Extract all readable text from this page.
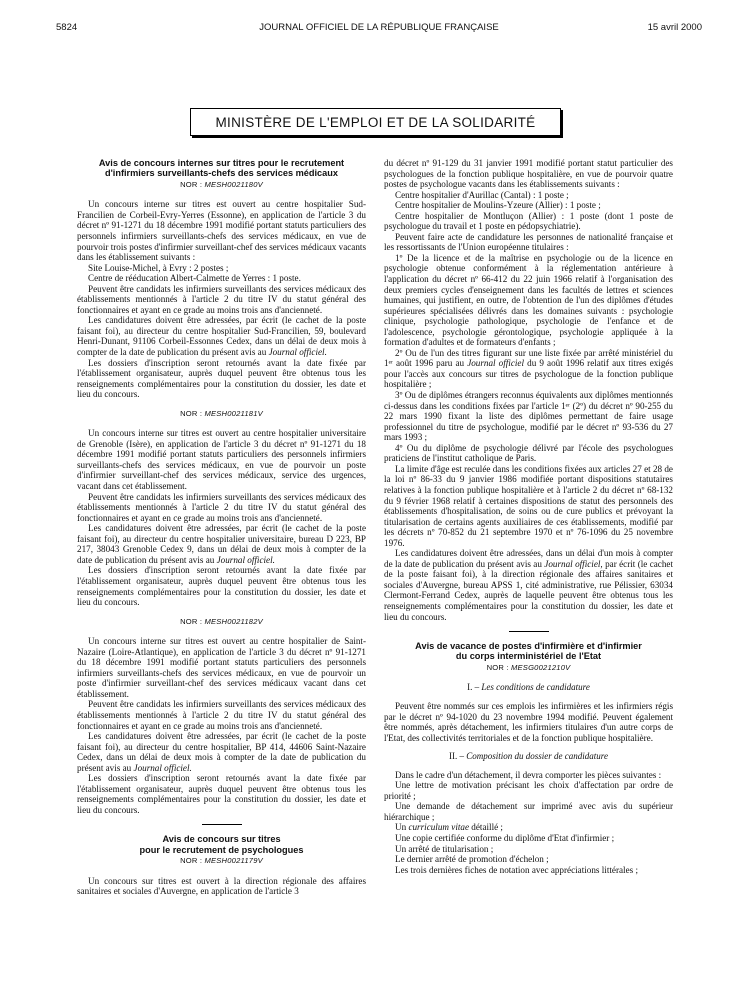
5824	JOURNAL OFFICIEL DE LA RÉPUBLIQUE FRANÇAISE	15 avril 2000
MINISTÈRE DE L'EMPLOI ET DE LA SOLIDARITÉ
Avis de concours internes sur titres pour le recrutement
d'infirmiers surveillants-chefs des services médicaux
NOR : MESH0021180V

Un concours interne sur titres est ouvert au centre hospitalier Sud-Francilien de Corbeil-Evry-Yerres (Essonne), en application de l'article 3 du décret nº 91-1271 du 18 décembre 1991 modifié portant statuts particuliers des personnels infirmiers surveillants-chefs des services médicaux, en vue de pourvoir trois postes d'infirmier surveillant-chef des services médicaux vacants dans les établissement suivants :

Site Louise-Michel, à Evry : 2 postes ;

Centre de rééducation Albert-Calmette de Yerres : 1 poste.

Peuvent être candidats les infirmiers surveillants des services médicaux des établissements mentionnés à l'article 2 du titre IV du statut général des fonctionnaires et ayant en ce grade au moins trois ans d'ancienneté.

Les candidatures doivent être adressées, par écrit (le cachet de la poste faisant foi), au directeur du centre hospitalier Sud-Francilien, 59, boulevard Henri-Dunant, 91106 Corbeil-Essonnes Cedex, dans un délai de deux mois à compter de la date de publication du présent avis au Journal officiel.

Les dossiers d'inscription seront retournés avant la date fixée par l'établissement organisateur, auprès duquel peuvent être obtenus tous les renseignements complémentaires pour la constitution du dossier, les date et lieu du concours.

NOR : MESH0021181V

Un concours interne sur titres est ouvert au centre hospitalier universitaire de Grenoble (Isère), en application de l'article 3 du décret nº 91-1271 du 18 décembre 1991 modifié portant statuts particuliers des personnels infirmiers surveillants-chefs des services médicaux, en vue de pourvoir un poste d'infirmier surveillant-chef des services médicaux, service des urgences, vacant dans cet établissement.

Peuvent être candidats les infirmiers surveillants des services médicaux des établissements mentionnés à l'article 2 du titre IV du statut général des fonctionnaires et ayant en ce grade au moins trois ans d'ancienneté.

Les candidatures doivent être adressées, par écrit (le cachet de la poste faisant foi), au directeur du centre hospitalier universitaire, bureau D 223, BP 217, 38043 Grenoble Cedex 9, dans un délai de deux mois à compter de la date de publication du présent avis au Journal officiel.

Les dossiers d'inscription seront retournés avant la date fixée par l'établissement organisateur, auprès duquel peuvent être obtenus tous les renseignements complémentaires pour la constitution du dossier, les date et lieu du concours.

NOR : MESH0021182V

Un concours interne sur titres est ouvert au centre hospitalier de Saint-Nazaire (Loire-Atlantique), en application de l'article 3 du décret nº 91-1271 du 18 décembre 1991 modifié portant statuts particuliers des personnels infirmiers surveillants-chefs des services médicaux, en vue de pourvoir un poste d'infirmier surveillant-chef des services médicaux vacant dans cet établissement.

Peuvent être candidats les infirmiers surveillants des services médicaux des établissements mentionnés à l'article 2 du titre IV du statut général des fonctionnaires et ayant en ce grade au moins trois ans d'ancienneté.

Les candidatures doivent être adressées, par écrit (le cachet de la poste faisant foi), au directeur du centre hospitalier, BP 414, 44606 Saint-Nazaire Cedex, dans un délai de deux mois à compter de la date de publication du présent avis au Journal officiel.

Les dossiers d'inscription seront retournés avant la date fixée par l'établissement organisateur, auprès duquel peuvent être obtenus tous les renseignements complémentaires pour la constitution du dossier, les date et lieu du concours.

Avis de concours sur titres
pour le recrutement de psychologues
NOR : MESH0021179V

Un concours sur titres est ouvert à la direction régionale des affaires sanitaires et sociales d'Auvergne, en application de l'article 3

du décret nº 91-129 du 31 janvier 1991 modifié portant statut particulier des psychologues de la fonction publique hospitalière, en vue de pourvoir quatre postes de psychologue vacants dans les établissements suivants :

Centre hospitalier d'Aurillac (Cantal) : 1 poste ;

Centre hospitalier de Moulins-Yzeure (Allier) : 1 poste ;

Centre hospitalier de Montluçon (Allier) : 1 poste (dont 1 poste de psychologue du travail et 1 poste en pédopsychiatrie).

Peuvent faire acte de candidature les personnes de nationalité française et les ressortissants de l'Union européenne titulaires :

1º De la licence et de la maîtrise en psychologie ou de la licence en psychologie obtenue conformément à la réglementation antérieure à l'application du décret nº 66-412 du 22 juin 1966 relatif à l'organisation des deux premiers cycles d'enseignement dans les facultés de lettres et sciences humaines, qui justifient, en outre, de l'obtention de l'un des diplômes d'études supérieures spécialisées délivrés dans les domaines suivants : psychologie clinique, psychologie pathologique, psychologie de l'enfance et de l'adolescence, psychologie gérontologique, psychologie appliquée à la formation d'adultes et de formateurs d'enfants ;

2º Ou de l'un des titres figurant sur une liste fixée par arrêté ministériel du 1ᵉʳ août 1996 paru au Journal officiel du 9 août 1996 relatif aux titres exigés pour l'accès aux concours sur titres de psychologue de la fonction publique hospitalière ;

3º Ou de diplômes étrangers reconnus équivalents aux diplômes mentionnés ci-dessus dans les conditions fixées par l'article 1ᵉʳ (2º) du décret nº 90-255 du 22 mars 1990 fixant la liste des diplômes permettant de faire usage professionnel du titre de psychologue, modifié par le décret nº 93-536 du 27 mars 1993 ;

4º Ou du diplôme de psychologie délivré par l'école des psychologues praticiens de l'institut catholique de Paris.

La limite d'âge est reculée dans les conditions fixées aux articles 27 et 28 de la loi nº 86-33 du 9 janvier 1986 modifiée portant dispositions statutaires relatives à la fonction publique hospitalière et à l'article 2 du décret nº 68-132 du 9 février 1968 relatif à certaines dispositions de statut des personnels des établissements d'hospitalisation, de soins ou de cure publics et prévoyant la titularisation de certains agents auxiliaires de ces établissements, modifié par les décrets nº 70-852 du 21 septembre 1970 et nº 76-1096 du 25 novembre 1976.

Les candidatures doivent être adressées, dans un délai d'un mois à compter de la date de publication du présent avis au Journal officiel, par écrit (le cachet de la poste faisant foi), à la direction régionale des affaires sanitaires et sociales d'Auvergne, bureau APSS 1, cité administrative, rue Pélissier, 63034 Clermont-Ferrand Cedex, auprès de laquelle peuvent être obtenus tous les renseignements complémentaires pour la constitution du dossier, les date et lieu du concours.

Avis de vacance de postes d'infirmière et d'infirmier
du corps interministériel de l'Etat
NOR : MESG0021210V
I. – Les conditions de candidature

Peuvent être nommés sur ces emplois les infirmières et les infirmiers régis par le décret nº 94-1020 du 23 novembre 1994 modifié. Peuvent également être nommés, après détachement, les infirmiers titulaires d'un autre corps de l'Etat, des collectivités territoriales et de la fonction publique hospitalière.

II. – Composition du dossier de candidature

Dans le cadre d'un détachement, il devra comporter les pièces suivantes :

Une lettre de motivation précisant les choix d'affectation par ordre de priorité ;

Une demande de détachement sur imprimé avec avis du supérieur hiérarchique ;

Un curriculum vitae détaillé ;

Une copie certifiée conforme du diplôme d'Etat d'infirmier ;

Un arrêté de titularisation ;

Le dernier arrêté de promotion d'échelon ;

Les trois dernières fiches de notation avec appréciations littérales ;
